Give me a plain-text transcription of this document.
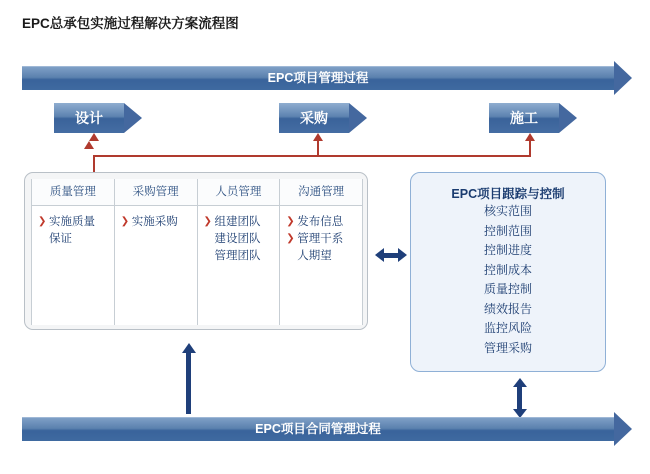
EPC总承包实施过程解决方案流程图
EPC项目管理过程
设计	采购	施工
质量管理
❯ 实施质量
保证
采购管理
❯ 实施采购
人员管理
❯ 组建团队
建设团队
管理团队
沟通管理
❯ 发布信息
❯ 管理干系
人期望
EPC项目跟踪与控制
核实范围
控制范围
控制进度
控制成本
质量控制
绩效报告
监控风险
管理采购
EPC项目合同管理过程
